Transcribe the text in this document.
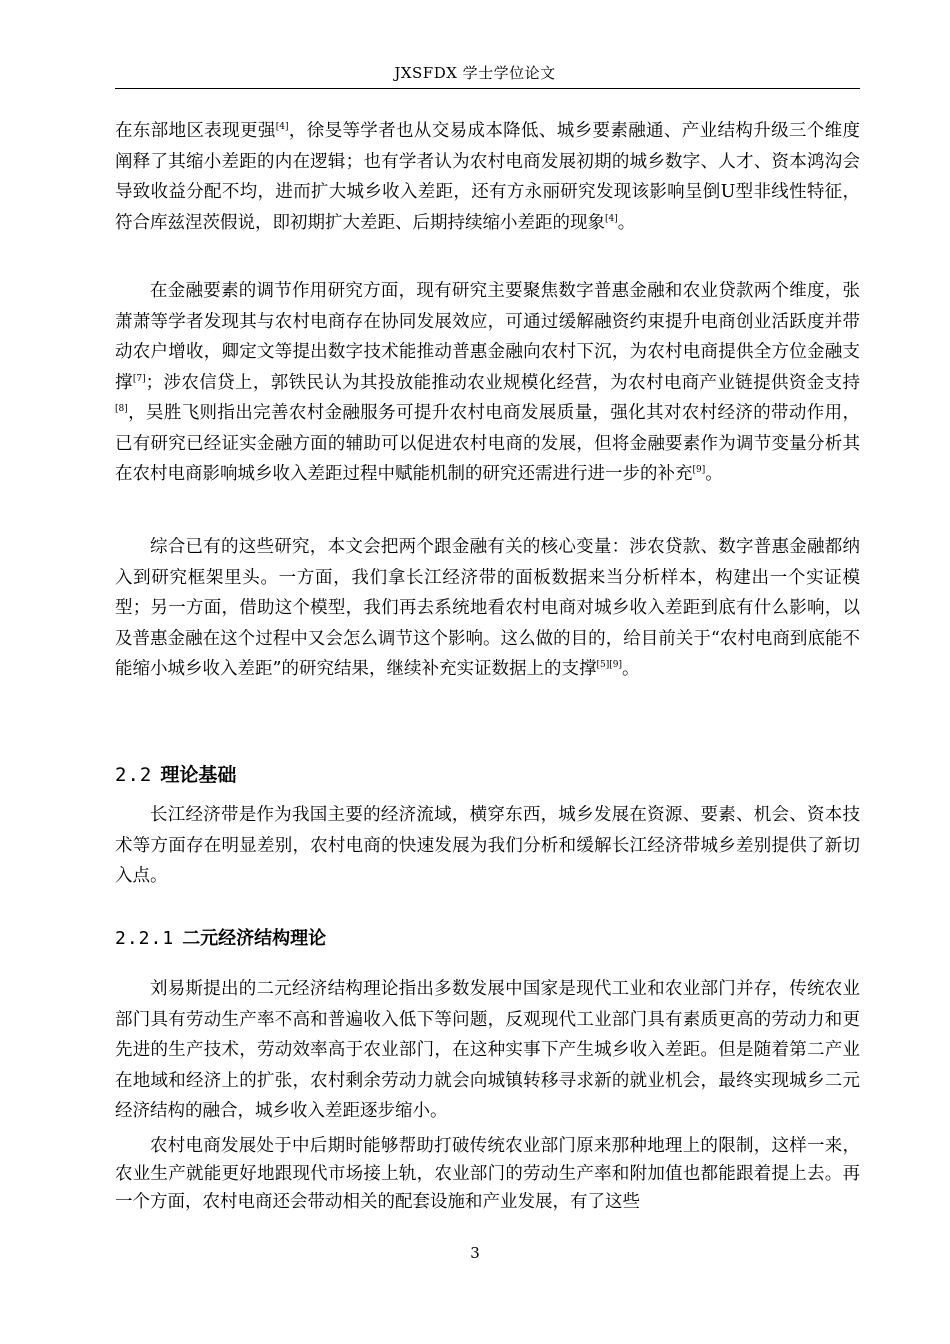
JXSFDX 学士学位论文

在东部地区表现更强[4]，徐旻等学者也从交易成本降低、城乡要素融通、产业结构升级三个维度阐释了其缩小差距的内在逻辑；也有学者认为农村电商发展初期的城乡数字、人才、资本鸿沟会导致收益分配不均，进而扩大城乡收入差距，还有方永丽研究发现该影响呈倒U型非线性特征，符合库兹涅茨假说，即初期扩大差距、后期持续缩小差距的现象[4]。

在金融要素的调节作用研究方面，现有研究主要聚焦数字普惠金融和农业贷款两个维度，张萧萧等学者发现其与农村电商存在协同发展效应，可通过缓解融资约束提升电商创业活跃度并带动农户增收，卿定文等提出数字技术能推动普惠金融向农村下沉，为农村电商提供全方位金融支撑[7]；涉农信贷上，郭铁民认为其投放能推动农业规模化经营，为农村电商产业链提供资金支持[8]，吴胜飞则指出完善农村金融服务可提升农村电商发展质量，强化其对农村经济的带动作用，已有研究已经证实金融方面的辅助可以促进农村电商的发展，但将金融要素作为调节变量分析其在农村电商影响城乡收入差距过程中赋能机制的研究还需进行进一步的补充[9]。

综合已有的这些研究，本文会把两个跟金融有关的核心变量：涉农贷款、数字普惠金融都纳入到研究框架里头。一方面，我们拿长江经济带的面板数据来当分析样本，构建出一个实证模型；另一方面，借助这个模型，我们再去系统地看农村电商对城乡收入差距到底有什么影响，以及普惠金融在这个过程中又会怎么调节这个影响。这么做的目的，给目前关于“农村电商到底能不能缩小城乡收入差距”的研究结果，继续补充实证数据上的支撑[5][9]。

2.2 理论基础

长江经济带是作为我国主要的经济流域，横穿东西，城乡发展在资源、要素、机会、资本技术等方面存在明显差别，农村电商的快速发展为我们分析和缓解长江经济带城乡差别提供了新切入点。

2.2.1 二元经济结构理论

刘易斯提出的二元经济结构理论指出多数发展中国家是现代工业和农业部门并存，传统农业部门具有劳动生产率不高和普遍收入低下等问题，反观现代工业部门具有素质更高的劳动力和更先进的生产技术，劳动效率高于农业部门，在这种实事下产生城乡收入差距。但是随着第二产业在地域和经济上的扩张，农村剩余劳动力就会向城镇转移寻求新的就业机会，最终实现城乡二元经济结构的融合，城乡收入差距逐步缩小。

农村电商发展处于中后期时能够帮助打破传统农业部门原来那种地理上的限制，这样一来，农业生产就能更好地跟现代市场接上轨，农业部门的劳动生产率和附加值也都能跟着提上去。再一个方面，农村电商还会带动相关的配套设施和产业发展，有了这些

3
